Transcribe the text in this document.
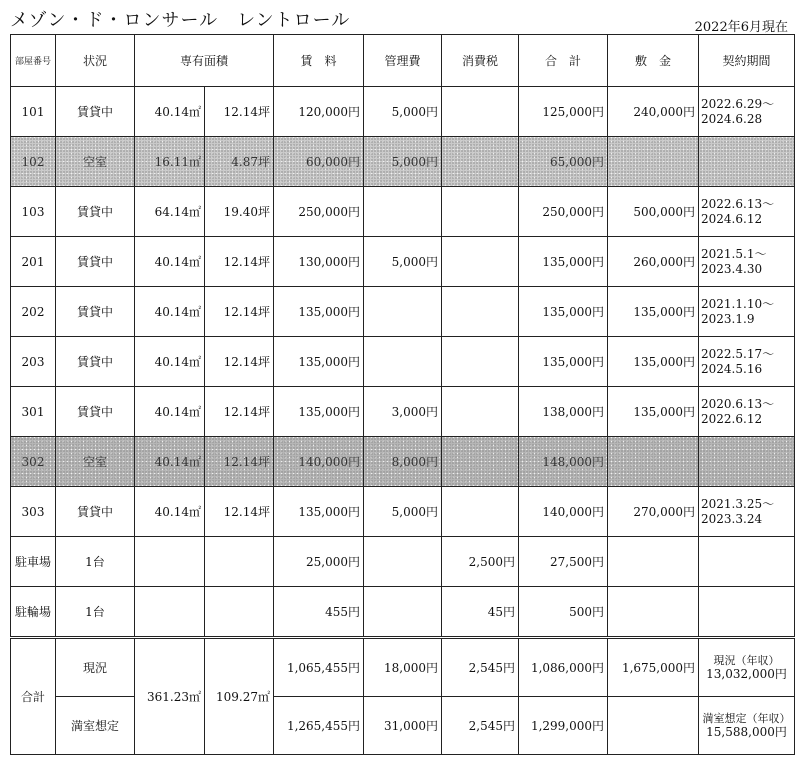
メゾン・ド・ロンサール　レントロール	2022年6月現在
部屋番号	状況	専有面積		賃　料	管理費	消費税	合　計	敷　金	契約期間
101	賃貸中	40.14㎡	12.14坪	120,000円	5,000円		125,000円	240,000円	2022.6.29～
2024.6.28

102	空室	16.11㎡	4.87坪	60,000円	5,000円		65,000円		

103	賃貸中	64.14㎡	19.40坪	250,000円			250,000円	500,000円	2022.6.13～
2024.6.12

201	賃貸中	40.14㎡	12.14坪	130,000円	5,000円		135,000円	260,000円	2021.5.1～
2023.4.30

202	賃貸中	40.14㎡	12.14坪	135,000円			135,000円	135,000円	2021.1.10～
2023.1.9

203	賃貸中	40.14㎡	12.14坪	135,000円			135,000円	135,000円	2022.5.17～
2024.5.16

301	賃貸中	40.14㎡	12.14坪	135,000円	3,000円		138,000円	135,000円	2020.6.13～
2022.6.12

302	空室	40.14㎡	12.14坪	140,000円	8,000円		148,000円		

303	賃貸中	40.14㎡	12.14坪	135,000円	5,000円		140,000円	270,000円	2021.3.25～
2023.3.24

駐車場	1台			25,000円		2,500円	27,500円		
駐輪場	1台			455円		45円	500円		
合計	現況	361.23㎡	109.27㎡	1,065,455円	18,000円	2,545円	1,086,000円	1,675,000円	現況（年収）
13,032,000円

	満室想定			1,265,455円	31,000円	2,545円	1,299,000円		満室想定（年収）
15,588,000円
